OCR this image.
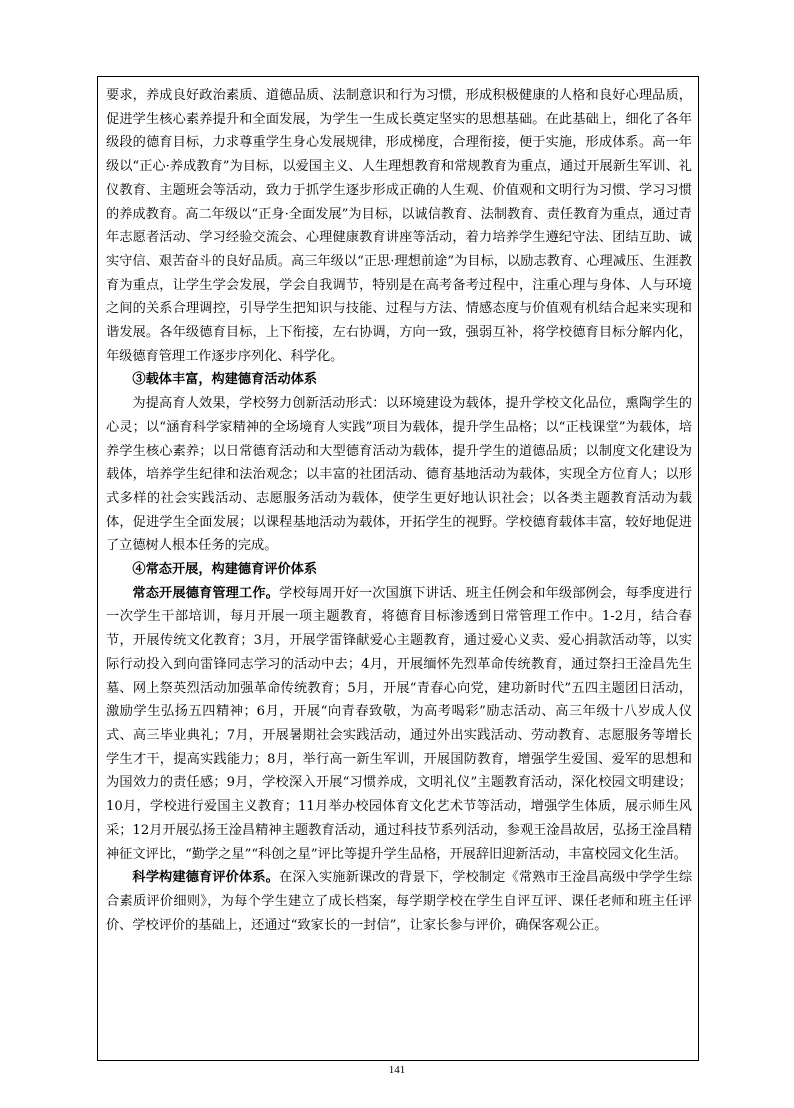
要求，养成良好政治素质、道德品质、法制意识和行为习惯，形成积极健康的人格和良好心理品质，促进学生核心素养提升和全面发展，为学生一生成长奠定坚实的思想基础。在此基础上，细化了各年级段的德育目标，力求尊重学生身心发展规律，形成梯度，合理衔接，便于实施，形成体系。高一年级以“正心·养成教育”为目标，以爱国主义、人生理想教育和常规教育为重点，通过开展新生军训、礼仪教育、主题班会等活动，致力于抓学生逐步形成正确的人生观、价值观和文明行为习惯、学习习惯的养成教育。高二年级以“正身·全面发展”为目标，以诚信教育、法制教育、责任教育为重点，通过青年志愿者活动、学习经验交流会、心理健康教育讲座等活动，着力培养学生遵纪守法、团结互助、诚实守信、艰苦奋斗的良好品质。高三年级以“正思·理想前途”为目标，以励志教育、心理减压、生涯教育为重点，让学生学会发展，学会自我调节，特别是在高考备考过程中，注重心理与身体、人与环境之间的关系合理调控，引导学生把知识与技能、过程与方法、情感态度与价值观有机结合起来实现和谐发展。各年级德育目标，上下衔接，左右协调，方向一致，强弱互补，将学校德育目标分解内化，年级德育管理工作逐步序列化、科学化。

③载体丰富，构建德育活动体系

为提高育人效果，学校努力创新活动形式：以环境建设为载体，提升学校文化品位，熏陶学生的心灵；以“涵育科学家精神的全场境育人实践”项目为载体，提升学生品格；以“正栈课堂”为载体，培养学生核心素养；以日常德育活动和大型德育活动为载体，提升学生的道德品质；以制度文化建设为载体，培养学生纪律和法治观念；以丰富的社团活动、德育基地活动为载体，实现全方位育人；以形式多样的社会实践活动、志愿服务活动为载体，使学生更好地认识社会；以各类主题教育活动为载体，促进学生全面发展；以课程基地活动为载体，开拓学生的视野。学校德育载体丰富，较好地促进了立德树人根本任务的完成。

④常态开展，构建德育评价体系

常态开展德育管理工作。学校每周开好一次国旗下讲话、班主任例会和年级部例会，每季度进行一次学生干部培训，每月开展一项主题教育，将德育目标渗透到日常管理工作中。1-2月，结合春节，开展传统文化教育；3月，开展学雷锋献爱心主题教育，通过爱心义卖、爱心捐款活动等，以实际行动投入到向雷锋同志学习的活动中去；4月，开展缅怀先烈革命传统教育，通过祭扫王淦昌先生墓、网上祭英烈活动加强革命传统教育；5月，开展“青春心向党，建功新时代”五四主题团日活动，激励学生弘扬五四精神；6月，开展“向青春致敬，为高考喝彩”励志活动、高三年级十八岁成人仪式、高三毕业典礼；7月，开展暑期社会实践活动，通过外出实践活动、劳动教育、志愿服务等增长学生才干，提高实践能力；8月，举行高一新生军训，开展国防教育，增强学生爱国、爱军的思想和为国效力的责任感；9月，学校深入开展“习惯养成，文明礼仪”主题教育活动，深化校园文明建设；10月，学校进行爱国主义教育；11月举办校园体育文化艺术节等活动，增强学生体质，展示师生风采；12月开展弘扬王淦昌精神主题教育活动，通过科技节系列活动，参观王淦昌故居，弘扬王淦昌精神征文评比，“勤学之星”“科创之星”评比等提升学生品格，开展辞旧迎新活动，丰富校园文化生活。

科学构建德育评价体系。在深入实施新课改的背景下，学校制定《常熟市王淦昌高级中学学生综合素质评价细则》，为每个学生建立了成长档案，每学期学校在学生自评互评、课任老师和班主任评价、学校评价的基础上，还通过“致家长的一封信”，让家长参与评价，确保客观公正。

141
